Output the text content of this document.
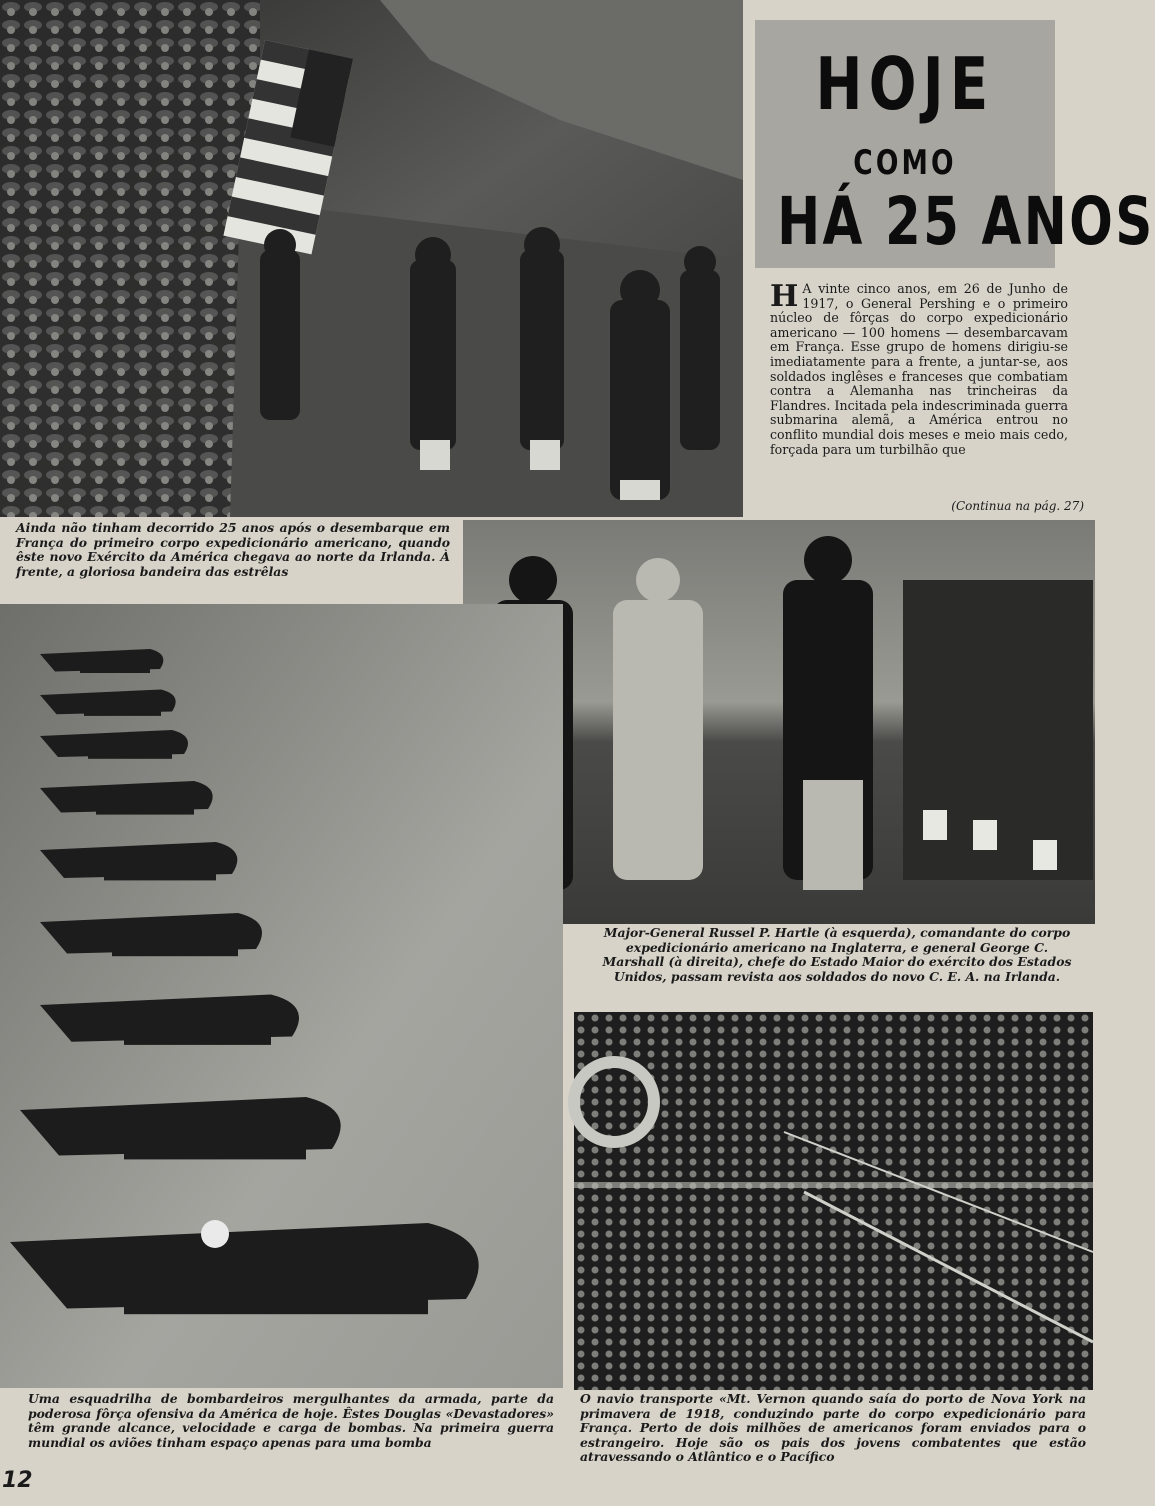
HOJE
COMO
HÁ 25 ANOS
H A vinte cinco anos, em 26 de Junho de 1917, o General Pershing e o primeiro núcleo de fôrças do corpo expedicionário americano — 100 homens — desembarcavam em França. Esse grupo de homens dirigiu-se imediatamente para a frente, a juntar-se, aos soldados inglêses e franceses que combatiam contra a Alemanha nas trincheiras da Flandres. Incitada pela indescriminada guerra submarina alemã, a América entrou no conflito mundial dois meses e meio mais cedo, forçada para um turbilhão que
(Continua na pág. 27)
Ainda não tinham decorrido 25 anos após o desembarque em França do primeiro corpo expedicionário americano, quando êste novo Exército da América chegava ao norte da Irlanda. À frente, a gloriosa bandeira das estrêlas
Major-General Russel P. Hartle (à esquerda), comandante do corpo expedicionário americano na Inglaterra, e general George C. Marshall (à direita), chefe do Estado Maior do exército dos Estados Unidos, passam revista aos soldados do novo C. E. A. na Irlanda.
Uma esquadrilha de bombardeiros mergulhantes da armada, parte da poderosa fôrça ofensiva da América de hoje. Êstes Douglas «Devastadores» têm grande alcance, velocidade e carga de bombas. Na primeira guerra mundial os aviões tinham espaço apenas para uma bomba
O navio transporte «Mt. Vernon quando saía do porto de Nova York na primavera de 1918, conduzindo parte do corpo expedicionário para França. Perto de dois milhões de americanos foram enviados para o estrangeiro. Hoje são os pais dos jovens combatentes que estão atravessando o Atlântico e o Pacífico
12
